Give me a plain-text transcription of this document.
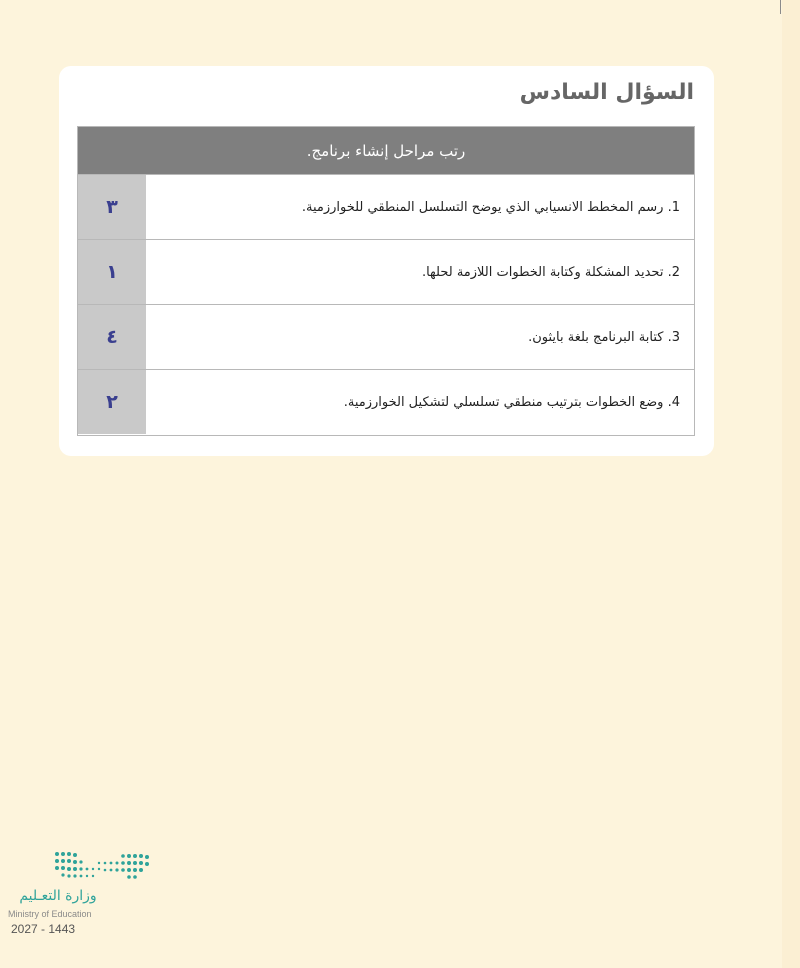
السؤال السادس
رتب مراحل إنشاء برنامج.
٣	1. رسم المخطط الانسيابي الذي يوضح التسلسل المنطقي للخوارزمية.
١	2. تحديد المشكلة وكتابة الخطوات اللازمة لحلها.
٤	3. كتابة البرنامج بلغة بايثون.
٢	4. وضع الخطوات بترتيب منطقي تسلسلي لتشكيل الخوارزمية.
وزارة التعـليم
Ministry of Education
2027 - 1443
